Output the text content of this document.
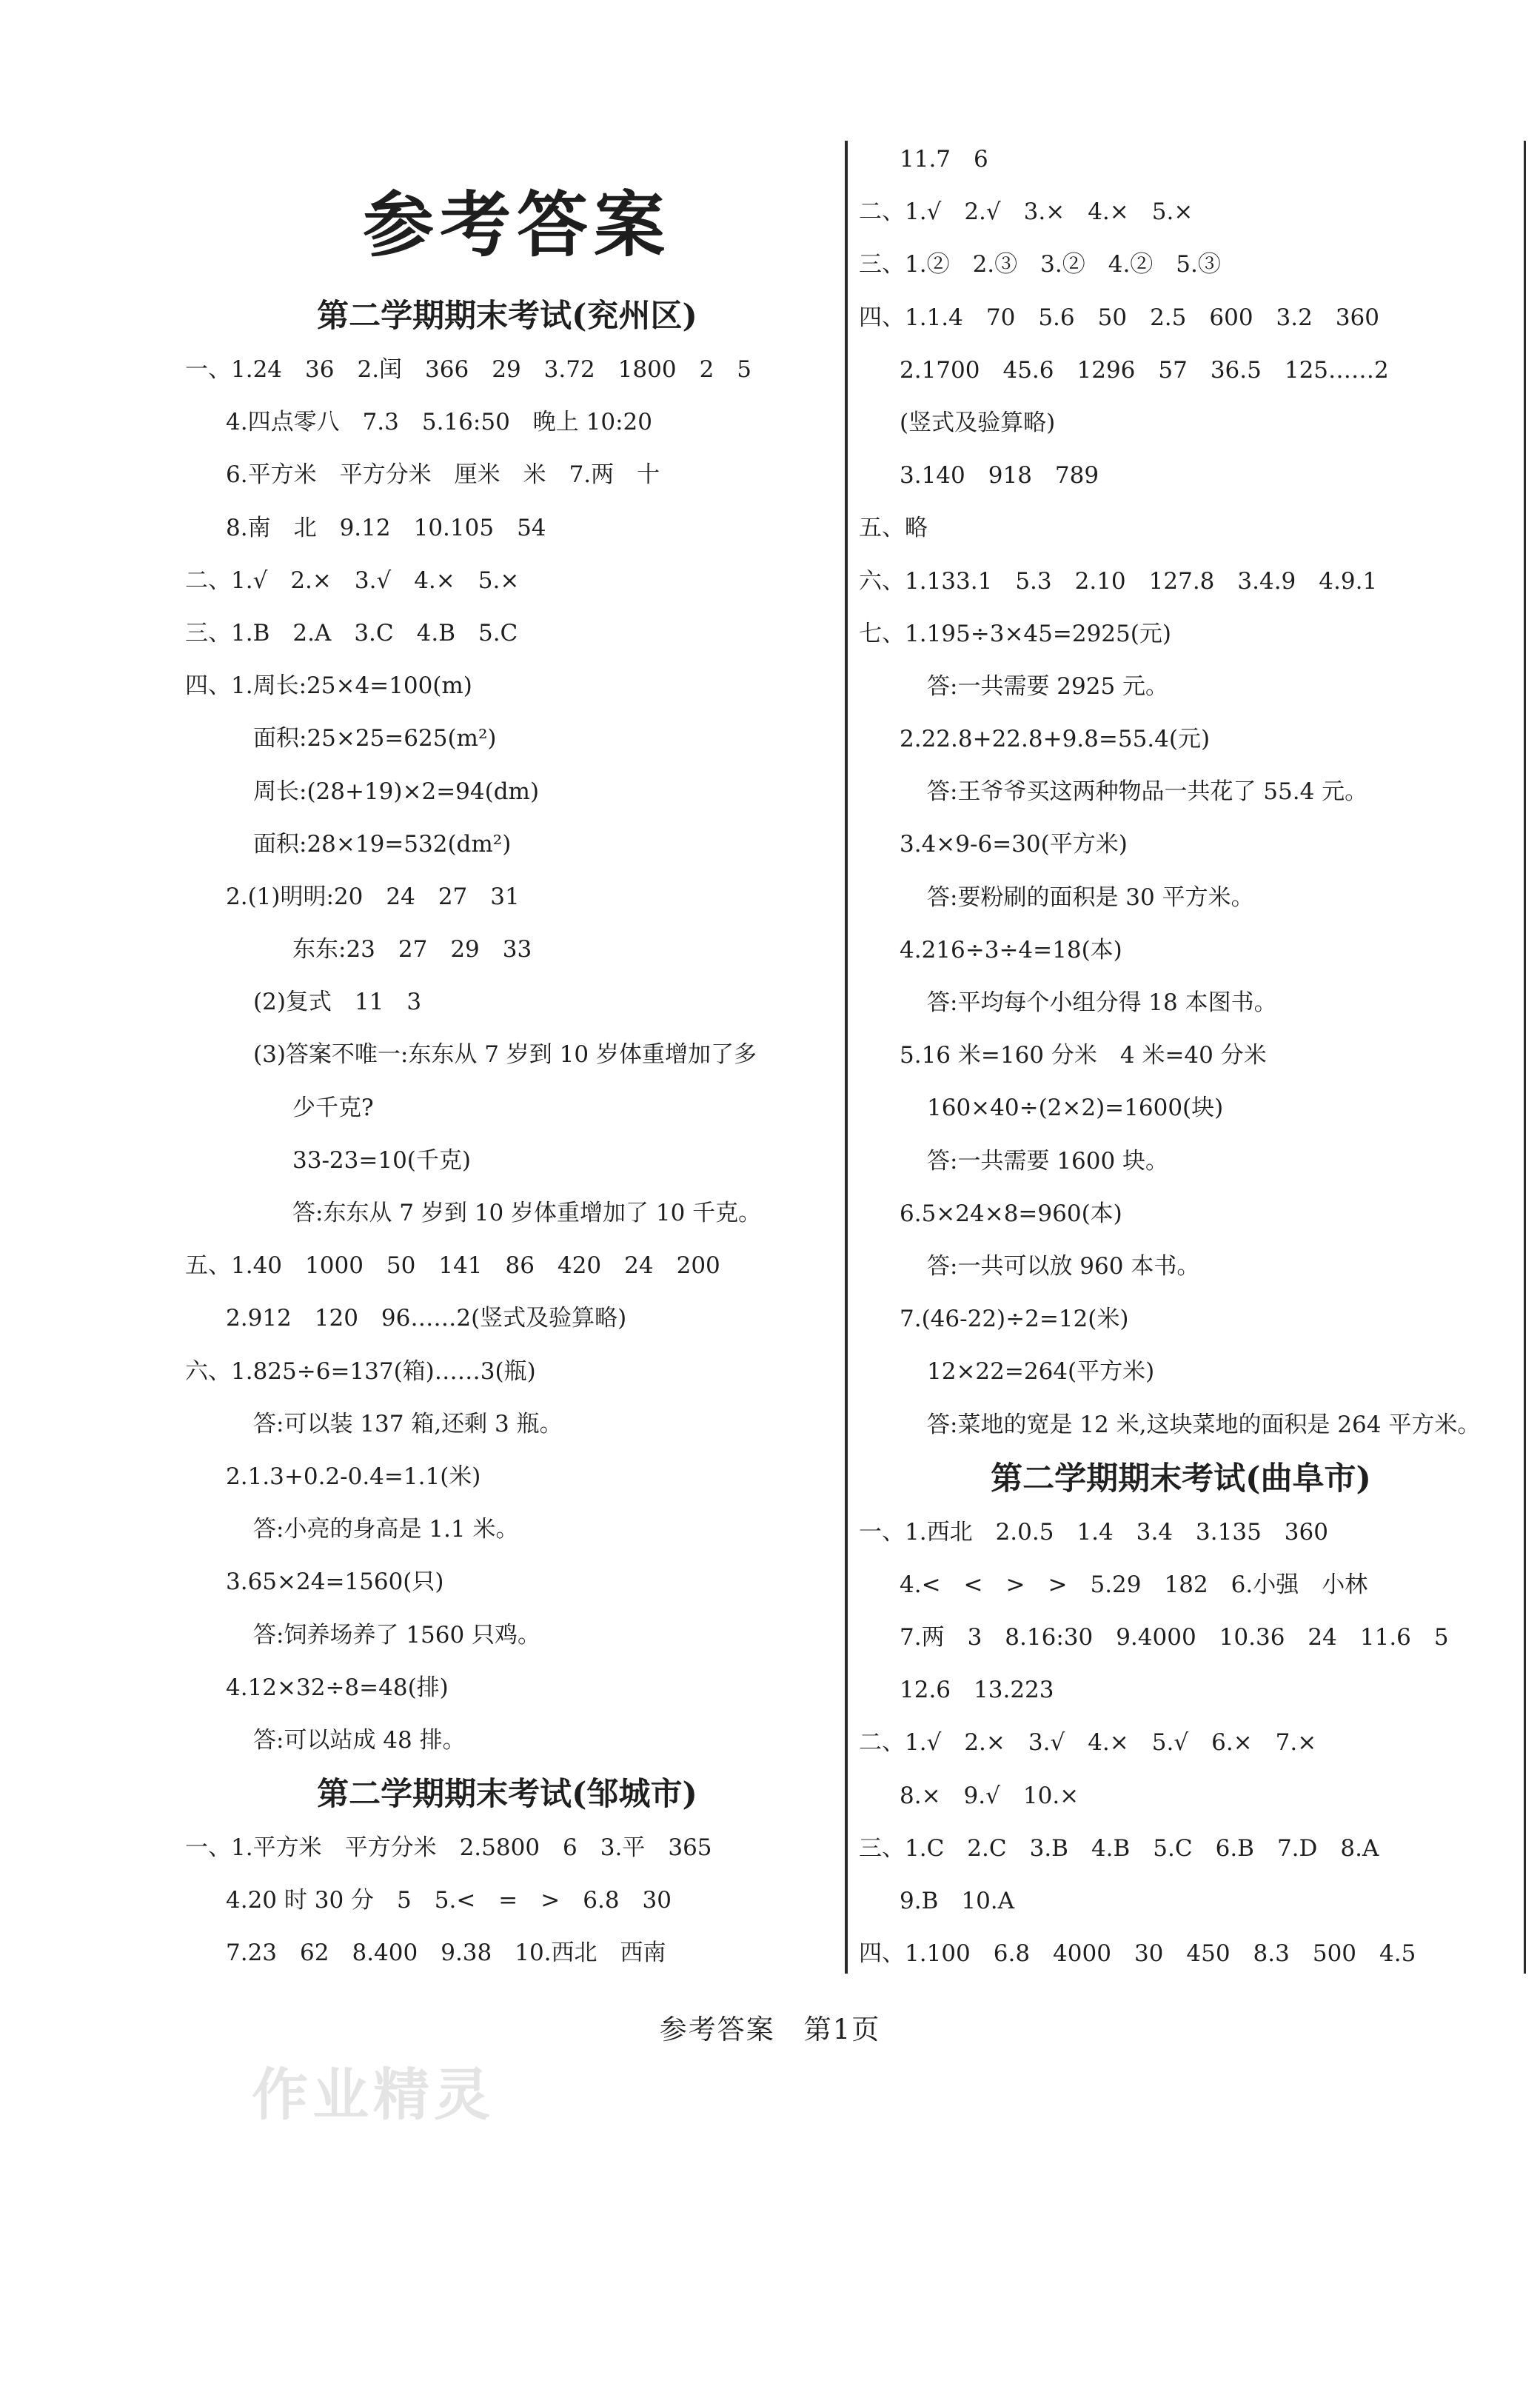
参考答案
第二学期期末考试(兖州区)
一、1.24　36　2.闰　366　29　3.72　1800　2　5
4.四点零八　7.3　5.16:50　晚上 10:20
6.平方米　平方分米　厘米　米　7.两　十
8.南　北　9.12　10.105　54
二、1.√　2.×　3.√　4.×　5.×
三、1.B　2.A　3.C　4.B　5.C
四、1.周长:25×4=100(m)
面积:25×25=625(m²)
周长:(28+19)×2=94(dm)
面积:28×19=532(dm²)
2.(1)明明:20　24　27　31
东东:23　27　29　33
(2)复式　11　3
(3)答案不唯一:东东从 7 岁到 10 岁体重增加了多
少千克?
33-23=10(千克)
答:东东从 7 岁到 10 岁体重增加了 10 千克。
五、1.40　1000　50　141　86　420　24　200
2.912　120　96……2(竖式及验算略)
六、1.825÷6=137(箱)……3(瓶)
答:可以装 137 箱,还剩 3 瓶。
2.1.3+0.2-0.4=1.1(米)
答:小亮的身高是 1.1 米。
3.65×24=1560(只)
答:饲养场养了 1560 只鸡。
4.12×32÷8=48(排)
答:可以站成 48 排。
第二学期期末考试(邹城市)
一、1.平方米　平方分米　2.5800　6　3.平　365
4.20 时 30 分　5　5.<　=　>　6.8　30
7.23　62　8.400　9.38　10.西北　西南
11.7　6
二、1.√　2.√　3.×　4.×　5.×
三、1.②　2.③　3.②　4.②　5.③
四、1.1.4　70　5.6　50　2.5　600　3.2　360
2.1700　45.6　1296　57　36.5　125……2
(竖式及验算略)
3.140　918　789
五、略
六、1.133.1　5.3　2.10　127.8　3.4.9　4.9.1
七、1.195÷3×45=2925(元)
答:一共需要 2925 元。
2.22.8+22.8+9.8=55.4(元)
答:王爷爷买这两种物品一共花了 55.4 元。
3.4×9-6=30(平方米)
答:要粉刷的面积是 30 平方米。
4.216÷3÷4=18(本)
答:平均每个小组分得 18 本图书。
5.16 米=160 分米　4 米=40 分米
160×40÷(2×2)=1600(块)
答:一共需要 1600 块。
6.5×24×8=960(本)
答:一共可以放 960 本书。
7.(46-22)÷2=12(米)
12×22=264(平方米)
答:菜地的宽是 12 米,这块菜地的面积是 264 平方米。
第二学期期末考试(曲阜市)
一、1.西北　2.0.5　1.4　3.4　3.135　360
4.<　<　>　>　5.29　182　6.小强　小林
7.两　3　8.16:30　9.4000　10.36　24　11.6　5
12.6　13.223
二、1.√　2.×　3.√　4.×　5.√　6.×　7.×
8.×　9.√　10.×
三、1.C　2.C　3.B　4.B　5.C　6.B　7.D　8.A
9.B　10.A
四、1.100　6.8　4000　30　450　8.3　500　4.5
参考答案　第1页
作业精灵
